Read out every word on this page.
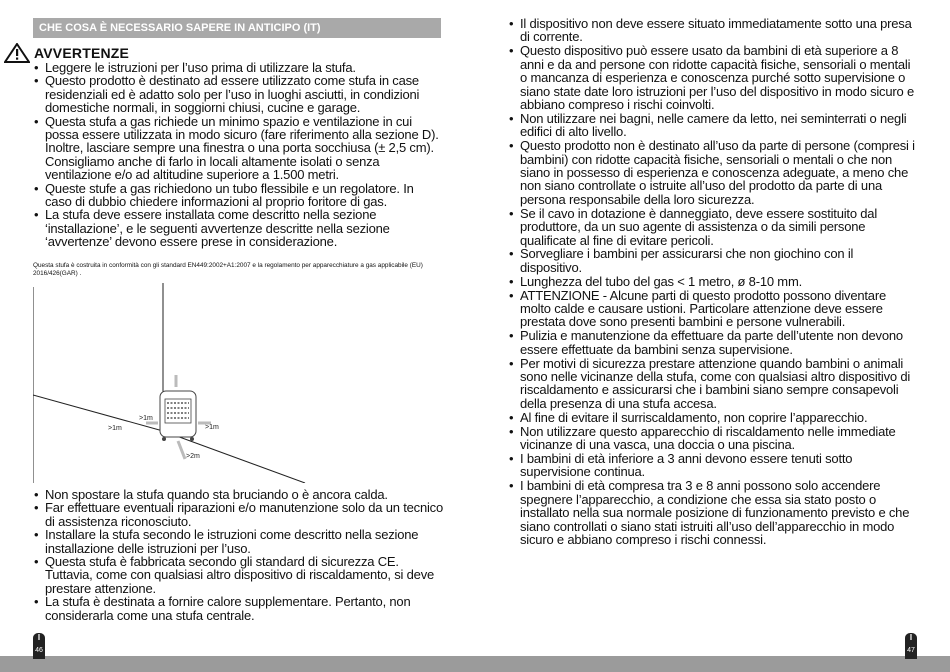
CHE COSA È NECESSARIO SAPERE IN ANTICIPO (IT)
AVVERTENZE
• Leggere le istruzioni per l’uso prima di utilizzare la stufa.
• Questo prodotto è destinato ad essere utilizzato come stufa in case residenziali ed è adatto solo per l’uso in luoghi asciutti, in condizioni domestiche normali, in soggiorni chiusi, cucine e garage.
• Questa stufa a gas richiede un minimo spazio e ventilazione in cui possa essere utilizzata in modo sicuro (fare riferimento alla sezione D). Inoltre, lasciare sempre una finestra o una porta socchiusa (± 2,5 cm). Consigliamo anche di farlo in locali altamente isolati o senza ventilazione e/o ad altitudine superiore a 1.500 metri.
• Queste stufe a gas richiedono un tubo flessibile e un regolatore. In caso di dubbio chiedere informazioni al proprio foritore di gas.
• La stufa deve essere installata come descritto nella sezione ‘installazione’, e le seguenti avvertenze descritte nella sezione ‘avvertenze’ devono essere prese in considerazione.
Questa stufa è costruita in conformità con gli standard EN449:2002+A1:2007 e la regolamento per apparecchiature a gas applicabile (EU) 2016/426(GAR) .
>1m
>1m	>1m
>2m
• Non spostare la stufa quando sta bruciando o è ancora calda.
• Far effettuare eventuali riparazioni e/o manutenzione solo da un tecnico di assistenza riconosciuto.
• Installare la stufa secondo le istruzioni come descritto nella sezione installazione delle istruzioni per l’uso.
• Questa stufa è fabbricata secondo gli standard di sicurezza CE. Tuttavia, come con qualsiasi altro dispositivo di riscaldamento, si deve prestare attenzione.
• La stufa è destinata a fornire calore supplementare. Pertanto, non considerarla come una stufa centrale.
• Il dispositivo non deve essere situato immediatamente sotto una presa di corrente.
• Questo dispositivo può essere usato da bambini di età superiore a 8 anni e da and persone con ridotte capacità fisiche, sensoriali o mentali o mancanza di esperienza e conoscenza purché sotto supervisione o siano state date loro istruzioni per l’uso del dispositivo in modo sicuro e abbiano compreso i rischi coinvolti.
• Non utilizzare nei bagni, nelle camere da letto, nei seminterrati o negli edifici di alto livello.
• Questo prodotto non è destinato all’uso da parte di persone (compresi i bambini) con ridotte capacità fisiche, sensoriali o mentali o che non siano in possesso di esperienza e conoscenza adeguate, a meno che non siano controllate o istruite all’uso del prodotto da parte di una persona responsabile della loro sicurezza.
• Se il cavo in dotazione è danneggiato, deve essere sostituito dal produttore, da un suo agente di assistenza o da simili persone qualificate al fine di evitare pericoli.
• Sorvegliare i bambini per assicurarsi che non giochino con il dispositivo.
• Lunghezza del tubo del gas < 1 metro, ø 8-10 mm.
• ATTENZIONE - Alcune parti di questo prodotto possono diventare molto calde e causare ustioni. Particolare attenzione deve essere prestata dove sono presenti bambini e persone vulnerabili.
• Pulizia e manutenzione da effettuare da parte dell’utente non devono essere effettuate da bambini senza supervisione.
• Per motivi di sicurezza prestare attenzione quando bambini o animali sono nelle vicinanze della stufa, come con qualsiasi altro dispositivo di riscaldamento e assicurarsi che i bambini siano sempre consapevoli della presenza di una stufa accesa.
• Al fine di evitare il surriscaldamento, non coprire l’apparecchio.
• Non utilizzare questo apparecchio di riscaldamento nelle immediate vicinanze di una vasca, una doccia o una piscina.
• I bambini di età inferiore a 3 anni devono essere tenuti sotto supervisione continua.
• I bambini di età compresa tra 3 e 8 anni possono solo accendere spegnere l’apparecchio, a condizione che essa sia stato posto o installato nella sua normale posizione di funzionamento previsto e che siano controllati o siano stati istruiti all’uso dell’apparecchio in modo sicuro e abbiano compreso i rischi connessi.
I
46
I
47
